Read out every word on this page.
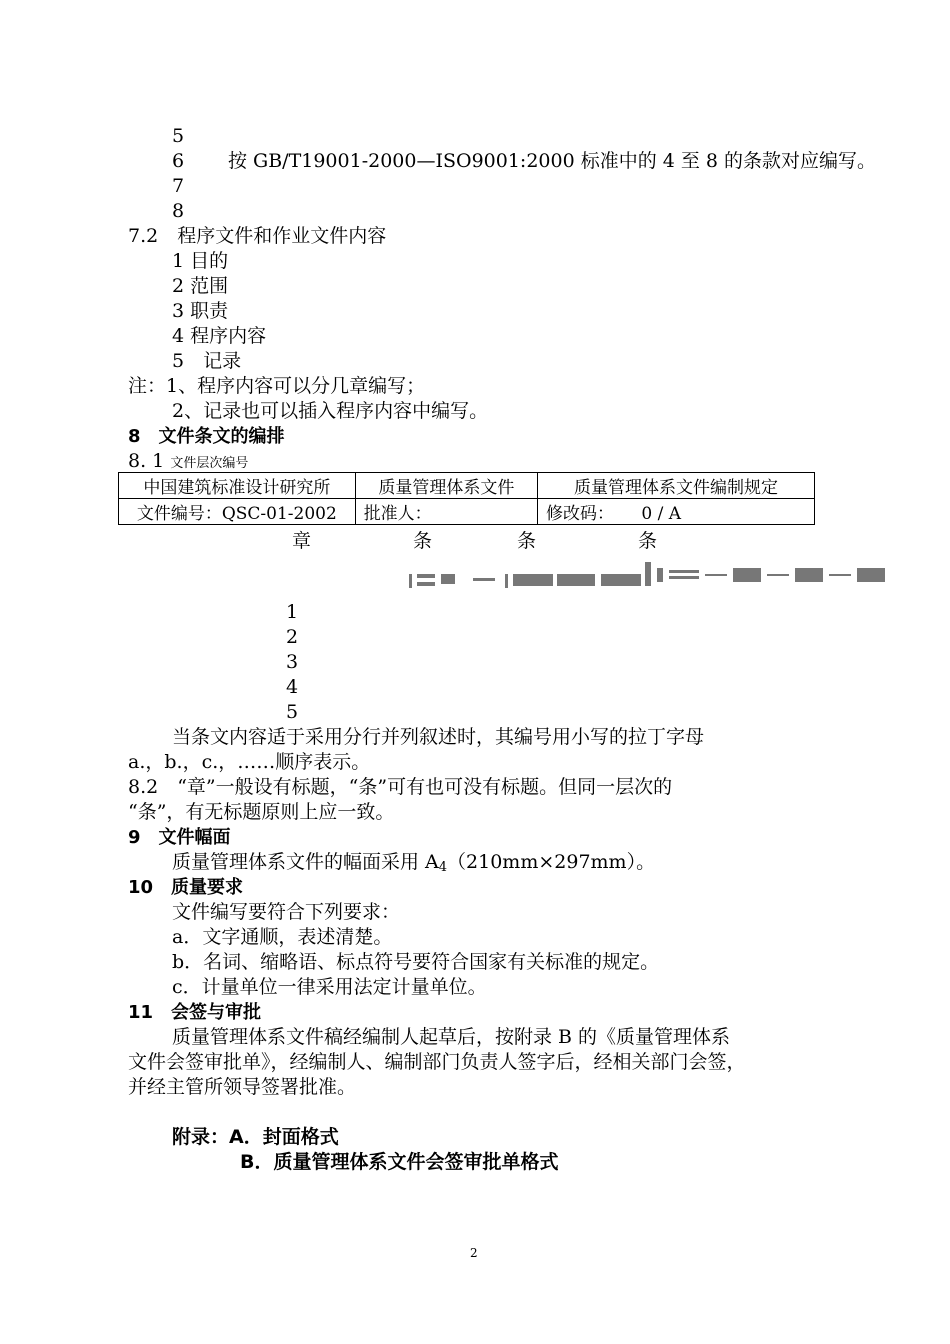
5
6 按 GB/T19001-2000—ISO9001:2000 标准中的 4 至 8 的条款对应编写。
7
8
7.2　程序文件和作业文件内容
1 目的
2 范围
3 职责
4 程序内容
5　记录
注：1、程序内容可以分几章编写；
2、记录也可以插入程序内容中编写。
8　文件条文的编排
8. 1 文件层次编号
中国建筑标准设计研究所	质量管理体系文件	质量管理体系文件编制规定
文件编号：QSC-01-2002	批准人：	修改码： 0 / A
章	条	条	条
1
2
3
4
5
当条文内容适于采用分行并列叙述时，其编号用小写的拉丁字母
a.，b.，c.，……顺序表示。
8.2　“章”一般设有标题，“条”可有也可没有标题。但同一层次的
“条”，有无标题原则上应一致。
9　文件幅面
质量管理体系文件的幅面采用 $A_4(210mm\times 297mm)$。
10　质量要求
文件编写要符合下列要求：
a．文字通顺，表述清楚。
b．名词、缩略语、标点符号要符合国家有关标准的规定。
c．计量单位一律采用法定计量单位。
11　会签与审批
质量管理体系文件稿经编制人起草后，按附录 B 的《质量管理体系
文件会签审批单》，经编制人、编制部门负责人签字后，经相关部门会签，
并经主管所领导签署批准。
附录：A．封面格式
B．质量管理体系文件会签审批单格式
2
